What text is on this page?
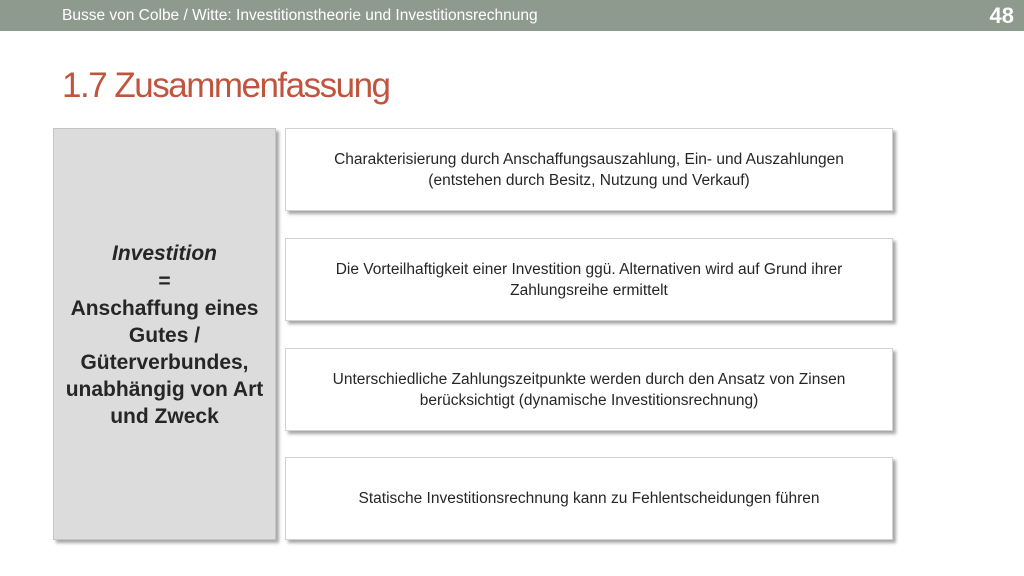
Busse von Colbe / Witte: Investitionstheorie und Investitionsrechnung	48
1.7 Zusammenfassung
Investition
=
Anschaffung eines Gutes / Güterverbundes, unabhängig von Art und Zweck
Charakterisierung durch Anschaffungsauszahlung, Ein- und Auszahlungen (entstehen durch Besitz, Nutzung und Verkauf)
Die Vorteilhaftigkeit einer Investition ggü. Alternativen wird auf Grund ihrer Zahlungsreihe ermittelt
Unterschiedliche Zahlungszeitpunkte werden durch den Ansatz von Zinsen berücksichtigt (dynamische Investitionsrechnung)
Statische Investitionsrechnung kann zu Fehlentscheidungen führen
